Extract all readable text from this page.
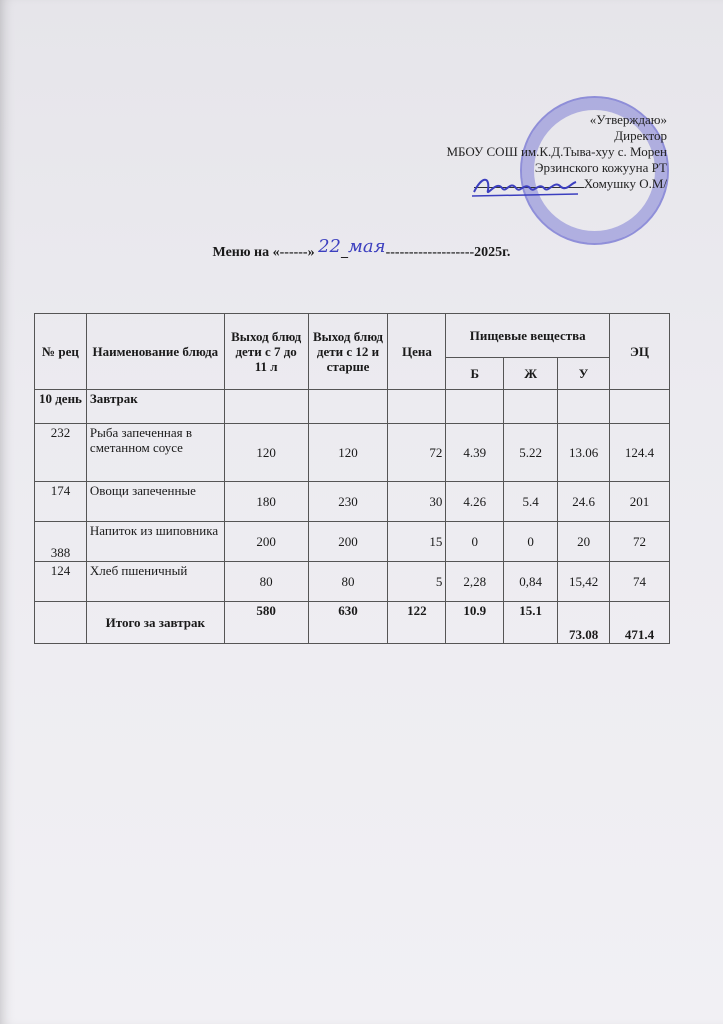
«Утверждаю»
Директор
МБОУ СОШ им.К.Д.Тыва-хуу с. Морен
Эрзинского кожууна РТ
Хомушку О.М/
Меню на «------» 22_мая-------------------2025г.
№ рец	Наименование блюда	Выход блюд дети с 7 до 11 л	Выход блюд дети с 12 и старше	Цена	Пищевые вещества			ЭЦ
					Б	Ж	У	
10 день	Завтрак							
232	Рыба запеченная в сметанном соусе	120	120	72	4.39	5.22	13.06	124.4
174	Овощи запеченные	180	230	30	4.26	5.4	24.6	201
388	Напиток из шиповника	200	200	15	0	0	20	72
124	Хлеб пшеничный	80	80	5	2,28	0,84	15,42	74
	Итого за завтрак	580	630	122	10.9	15.1	73.08	471.4
